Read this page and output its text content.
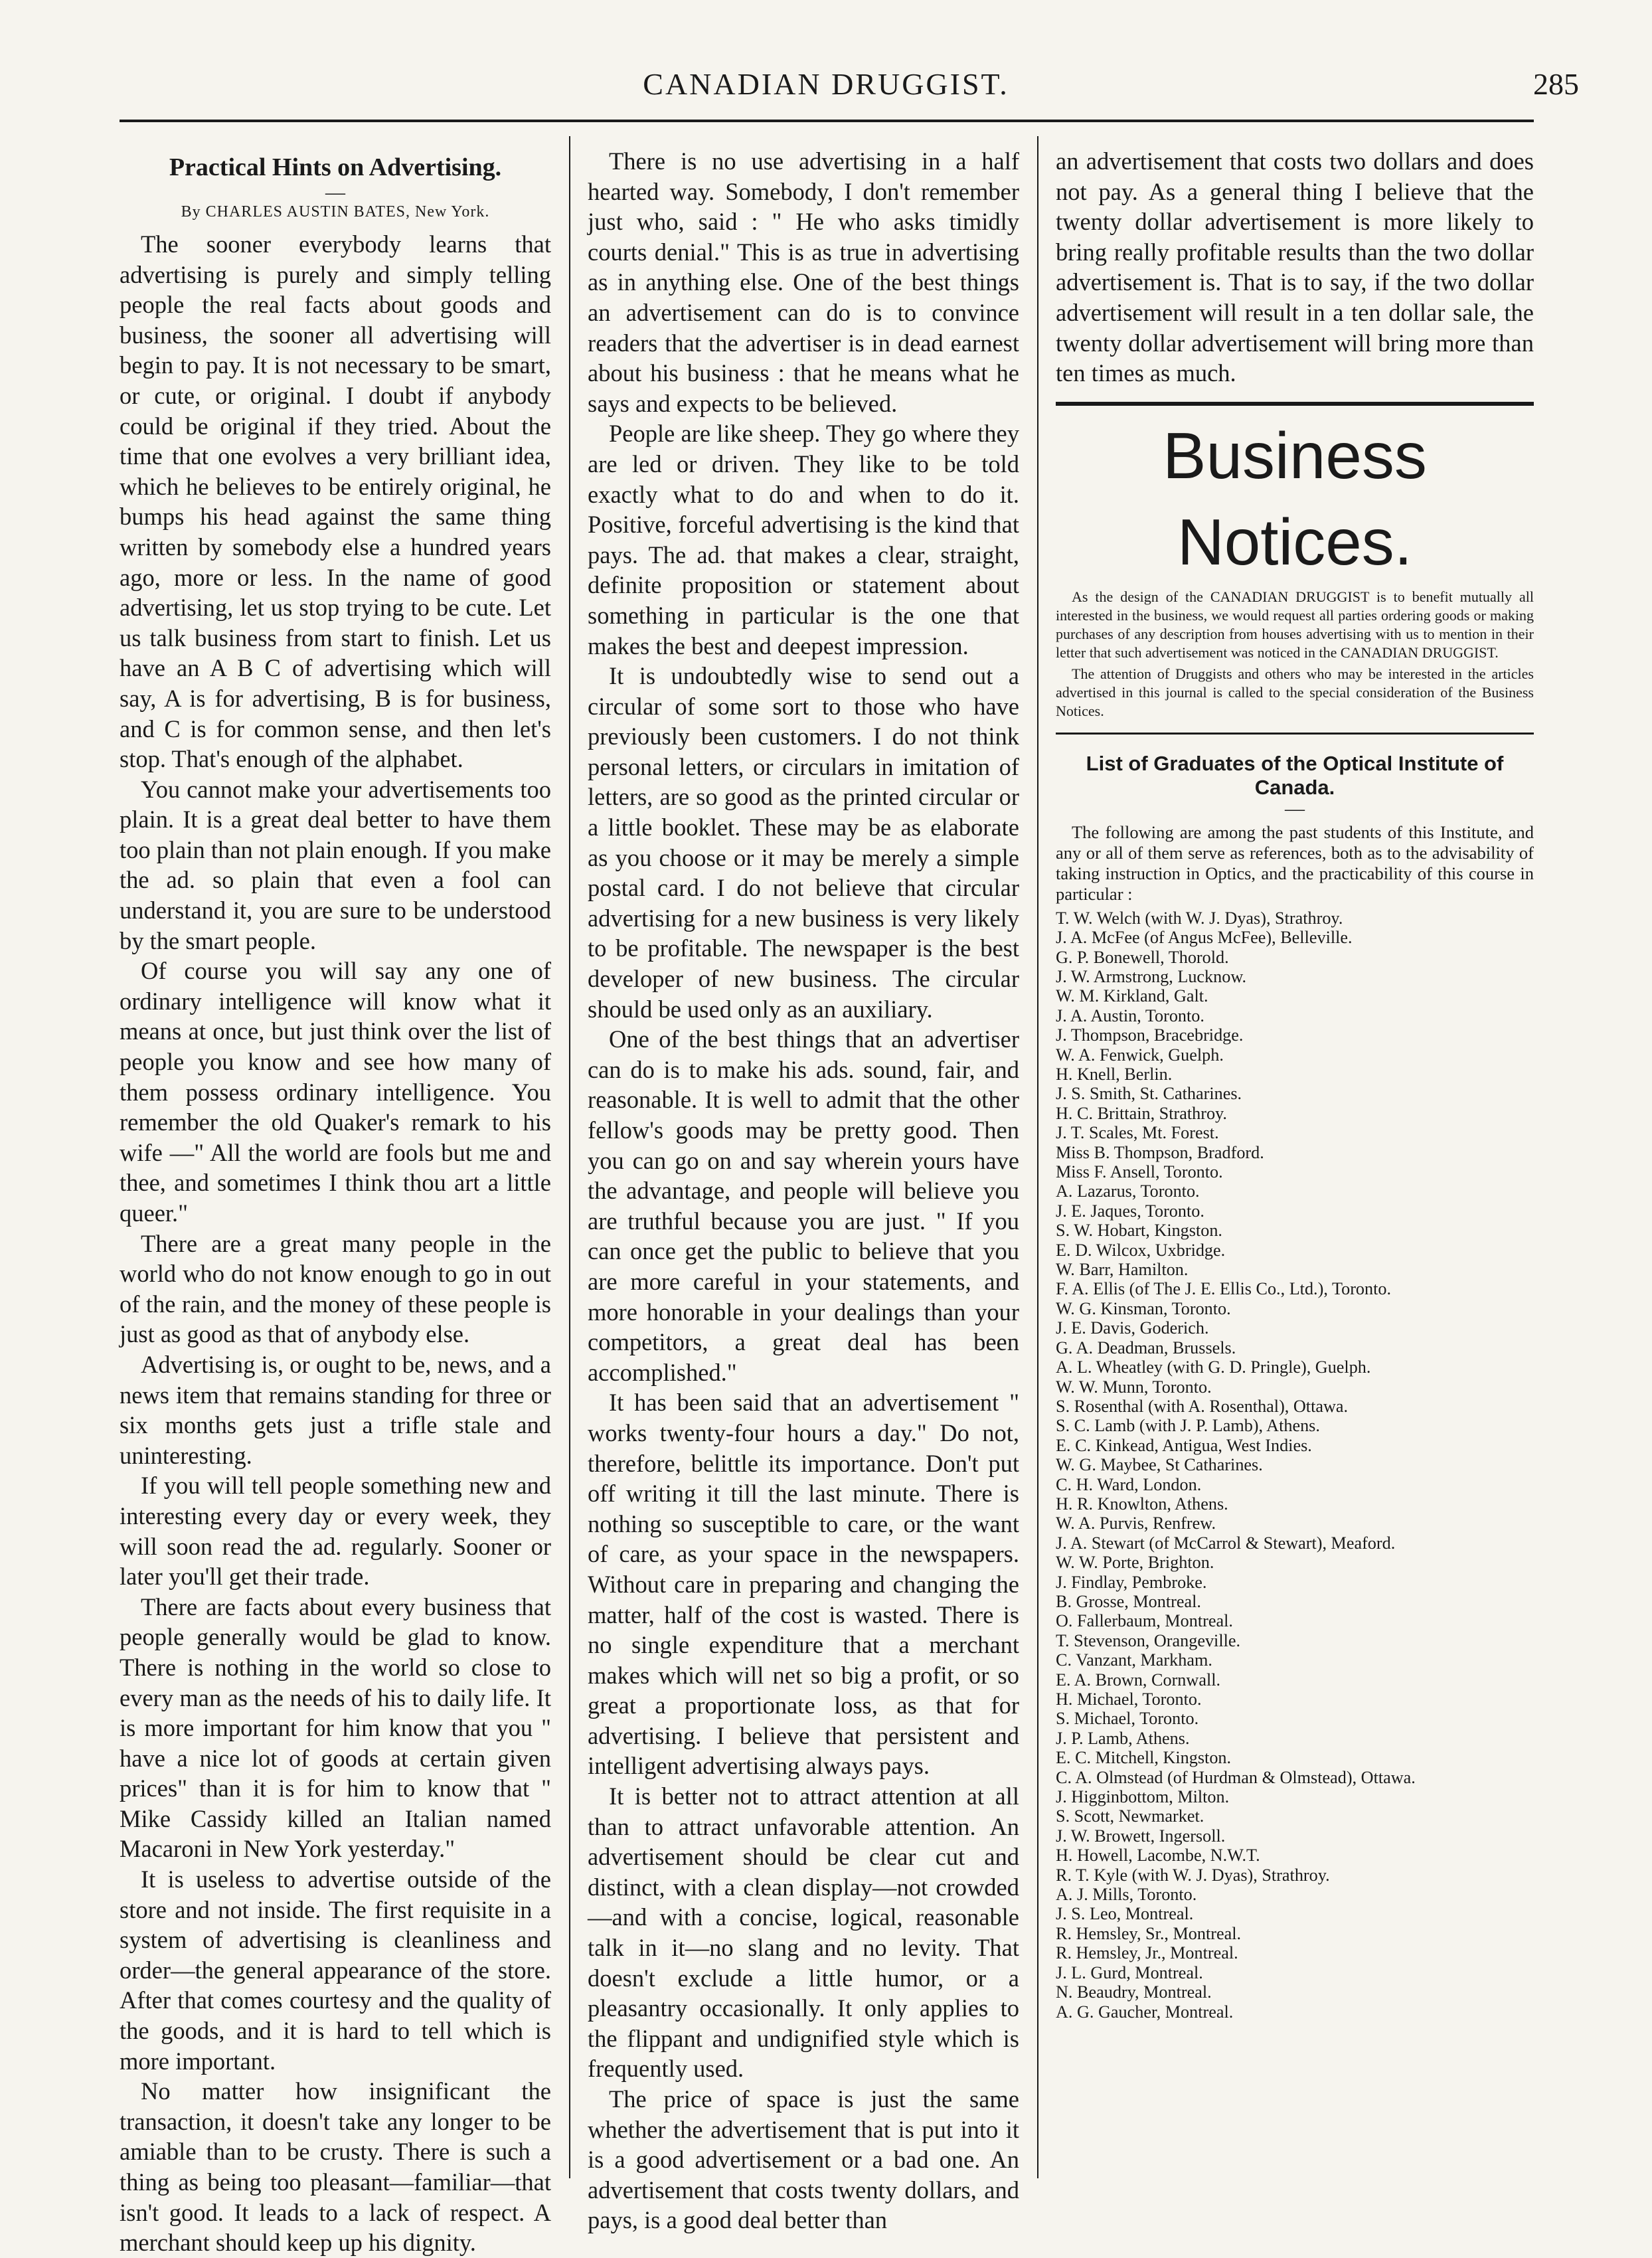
CANADIAN DRUGGIST.	285
Practical Hints on Advertising.
—
By CHARLES AUSTIN BATES, New York.

The sooner everybody learns that advertising is purely and simply telling people the real facts about goods and business, the sooner all advertising will begin to pay. It is not necessary to be smart, or cute, or original. I doubt if anybody could be original if they tried. About the time that one evolves a very brilliant idea, which he believes to be entirely original, he bumps his head against the same thing written by somebody else a hundred years ago, more or less. In the name of good advertising, let us stop trying to be cute. Let us talk business from start to finish. Let us have an A B C of advertising which will say, A is for advertising, B is for business, and C is for common sense, and then let's stop. That's enough of the alphabet.

You cannot make your advertisements too plain. It is a great deal better to have them too plain than not plain enough. If you make the ad. so plain that even a fool can understand it, you are sure to be understood by the smart people.

Of course you will say any one of ordinary intelligence will know what it means at once, but just think over the list of people you know and see how many of them possess ordinary intelligence. You remember the old Quaker's remark to his wife —" All the world are fools but me and thee, and sometimes I think thou art a little queer."

There are a great many people in the world who do not know enough to go in out of the rain, and the money of these people is just as good as that of anybody else.

Advertising is, or ought to be, news, and a news item that remains standing for three or six months gets just a trifle stale and uninteresting.

If you will tell people something new and interesting every day or every week, they will soon read the ad. regularly. Sooner or later you'll get their trade.

There are facts about every business that people generally would be glad to know. There is nothing in the world so close to every man as the needs of his to daily life. It is more important for him know that you " have a nice lot of goods at certain given prices" than it is for him to know that " Mike Cassidy killed an Italian named Macaroni in New York yesterday."

It is useless to advertise outside of the store and not inside. The first requisite in a system of advertising is cleanliness and order—the general appearance of the store. After that comes courtesy and the quality of the goods, and it is hard to tell which is more important.

No matter how insignificant the transaction, it doesn't take any longer to be amiable than to be crusty. There is such a thing as being too pleasant—familiar—that isn't good. It leads to a lack of respect. A merchant should keep up his dignity.

There is no use advertising in a half hearted way. Somebody, I don't remember just who, said : " He who asks timidly courts denial." This is as true in advertising as in anything else. One of the best things an advertisement can do is to convince readers that the advertiser is in dead earnest about his business : that he means what he says and expects to be believed.

People are like sheep. They go where they are led or driven. They like to be told exactly what to do and when to do it. Positive, forceful advertising is the kind that pays. The ad. that makes a clear, straight, definite proposition or statement about something in particular is the one that makes the best and deepest impression.

It is undoubtedly wise to send out a circular of some sort to those who have previously been customers. I do not think personal letters, or circulars in imitation of letters, are so good as the printed circular or a little booklet. These may be as elaborate as you choose or it may be merely a simple postal card. I do not believe that circular advertising for a new business is very likely to be profitable. The newspaper is the best developer of new business. The circular should be used only as an auxiliary.

One of the best things that an advertiser can do is to make his ads. sound, fair, and reasonable. It is well to admit that the other fellow's goods may be pretty good. Then you can go on and say wherein yours have the advantage, and people will believe you are truthful because you are just. " If you can once get the public to believe that you are more careful in your statements, and more honorable in your dealings than your competitors, a great deal has been accomplished."

It has been said that an advertisement " works twenty-four hours a day." Do not, therefore, belittle its importance. Don't put off writing it till the last minute. There is nothing so susceptible to care, or the want of care, as your space in the newspapers. Without care in preparing and changing the matter, half of the cost is wasted. There is no single expenditure that a merchant makes which will net so big a profit, or so great a proportionate loss, as that for advertising. I believe that persistent and intelligent advertising always pays.

It is better not to attract attention at all than to attract unfavorable attention. An advertisement should be clear cut and distinct, with a clean display—not crowded —and with a concise, logical, reasonable talk in it—no slang and no levity. That doesn't exclude a little humor, or a pleasantry occasionally. It only applies to the flippant and undignified style which is frequently used.

The price of space is just the same whether the advertisement that is put into it is a good advertisement or a bad one. An advertisement that costs twenty dollars, and pays, is a good deal better than

an advertisement that costs two dollars and does not pay. As a general thing I believe that the twenty dollar advertisement is more likely to bring really profitable results than the two dollar advertisement is. That is to say, if the two dollar advertisement will result in a ten dollar sale, the twenty dollar advertisement will bring more than ten times as much.

Business Notices.

As the design of the CANADIAN DRUGGIST is to benefit mutually all interested in the business, we would request all parties ordering goods or making purchases of any description from houses advertising with us to mention in their letter that such advertisement was noticed in the CANADIAN DRUGGIST.

The attention of Druggists and others who may be interested in the articles advertised in this journal is called to the special consideration of the Business Notices.

List of Graduates of the Optical Institute of Canada.
—

The following are among the past students of this Institute, and any or all of them serve as references, both as to the advisability of taking instruction in Optics, and the practicability of this course in particular :

T. W. Welch (with W. J. Dyas), Strathroy.
J. A. McFee (of Angus McFee), Belleville.
G. P. Bonewell, Thorold.
J. W. Armstrong, Lucknow.
W. M. Kirkland, Galt.
J. A. Austin, Toronto.
J. Thompson, Bracebridge.
W. A. Fenwick, Guelph.
H. Knell, Berlin.
J. S. Smith, St. Catharines.
H. C. Brittain, Strathroy.
J. T. Scales, Mt. Forest.
Miss B. Thompson, Bradford.
Miss F. Ansell, Toronto.
A. Lazarus, Toronto.
J. E. Jaques, Toronto.
S. W. Hobart, Kingston.
E. D. Wilcox, Uxbridge.
W. Barr, Hamilton.
F. A. Ellis (of The J. E. Ellis Co., Ltd.), Toronto.
W. G. Kinsman, Toronto.
J. E. Davis, Goderich.
G. A. Deadman, Brussels.
A. L. Wheatley (with G. D. Pringle), Guelph.
W. W. Munn, Toronto.
S. Rosenthal (with A. Rosenthal), Ottawa.
S. C. Lamb (with J. P. Lamb), Athens.
E. C. Kinkead, Antigua, West Indies.
W. G. Maybee, St Catharines.
C. H. Ward, London.
H. R. Knowlton, Athens.
W. A. Purvis, Renfrew.
J. A. Stewart (of McCarrol & Stewart), Meaford.
W. W. Porte, Brighton.
J. Findlay, Pembroke.
B. Grosse, Montreal.
O. Fallerbaum, Montreal.
T. Stevenson, Orangeville.
C. Vanzant, Markham.
E. A. Brown, Cornwall.
H. Michael, Toronto.
S. Michael, Toronto.
J. P. Lamb, Athens.
E. C. Mitchell, Kingston.
C. A. Olmstead (of Hurdman & Olmstead), Ottawa.
J. Higginbottom, Milton.
S. Scott, Newmarket.
J. W. Browett, Ingersoll.
H. Howell, Lacombe, N.W.T.
R. T. Kyle (with W. J. Dyas), Strathroy.
A. J. Mills, Toronto.
J. S. Leo, Montreal.
R. Hemsley, Sr., Montreal.
R. Hemsley, Jr., Montreal.
J. L. Gurd, Montreal.
N. Beaudry, Montreal.
A. G. Gaucher, Montreal.
